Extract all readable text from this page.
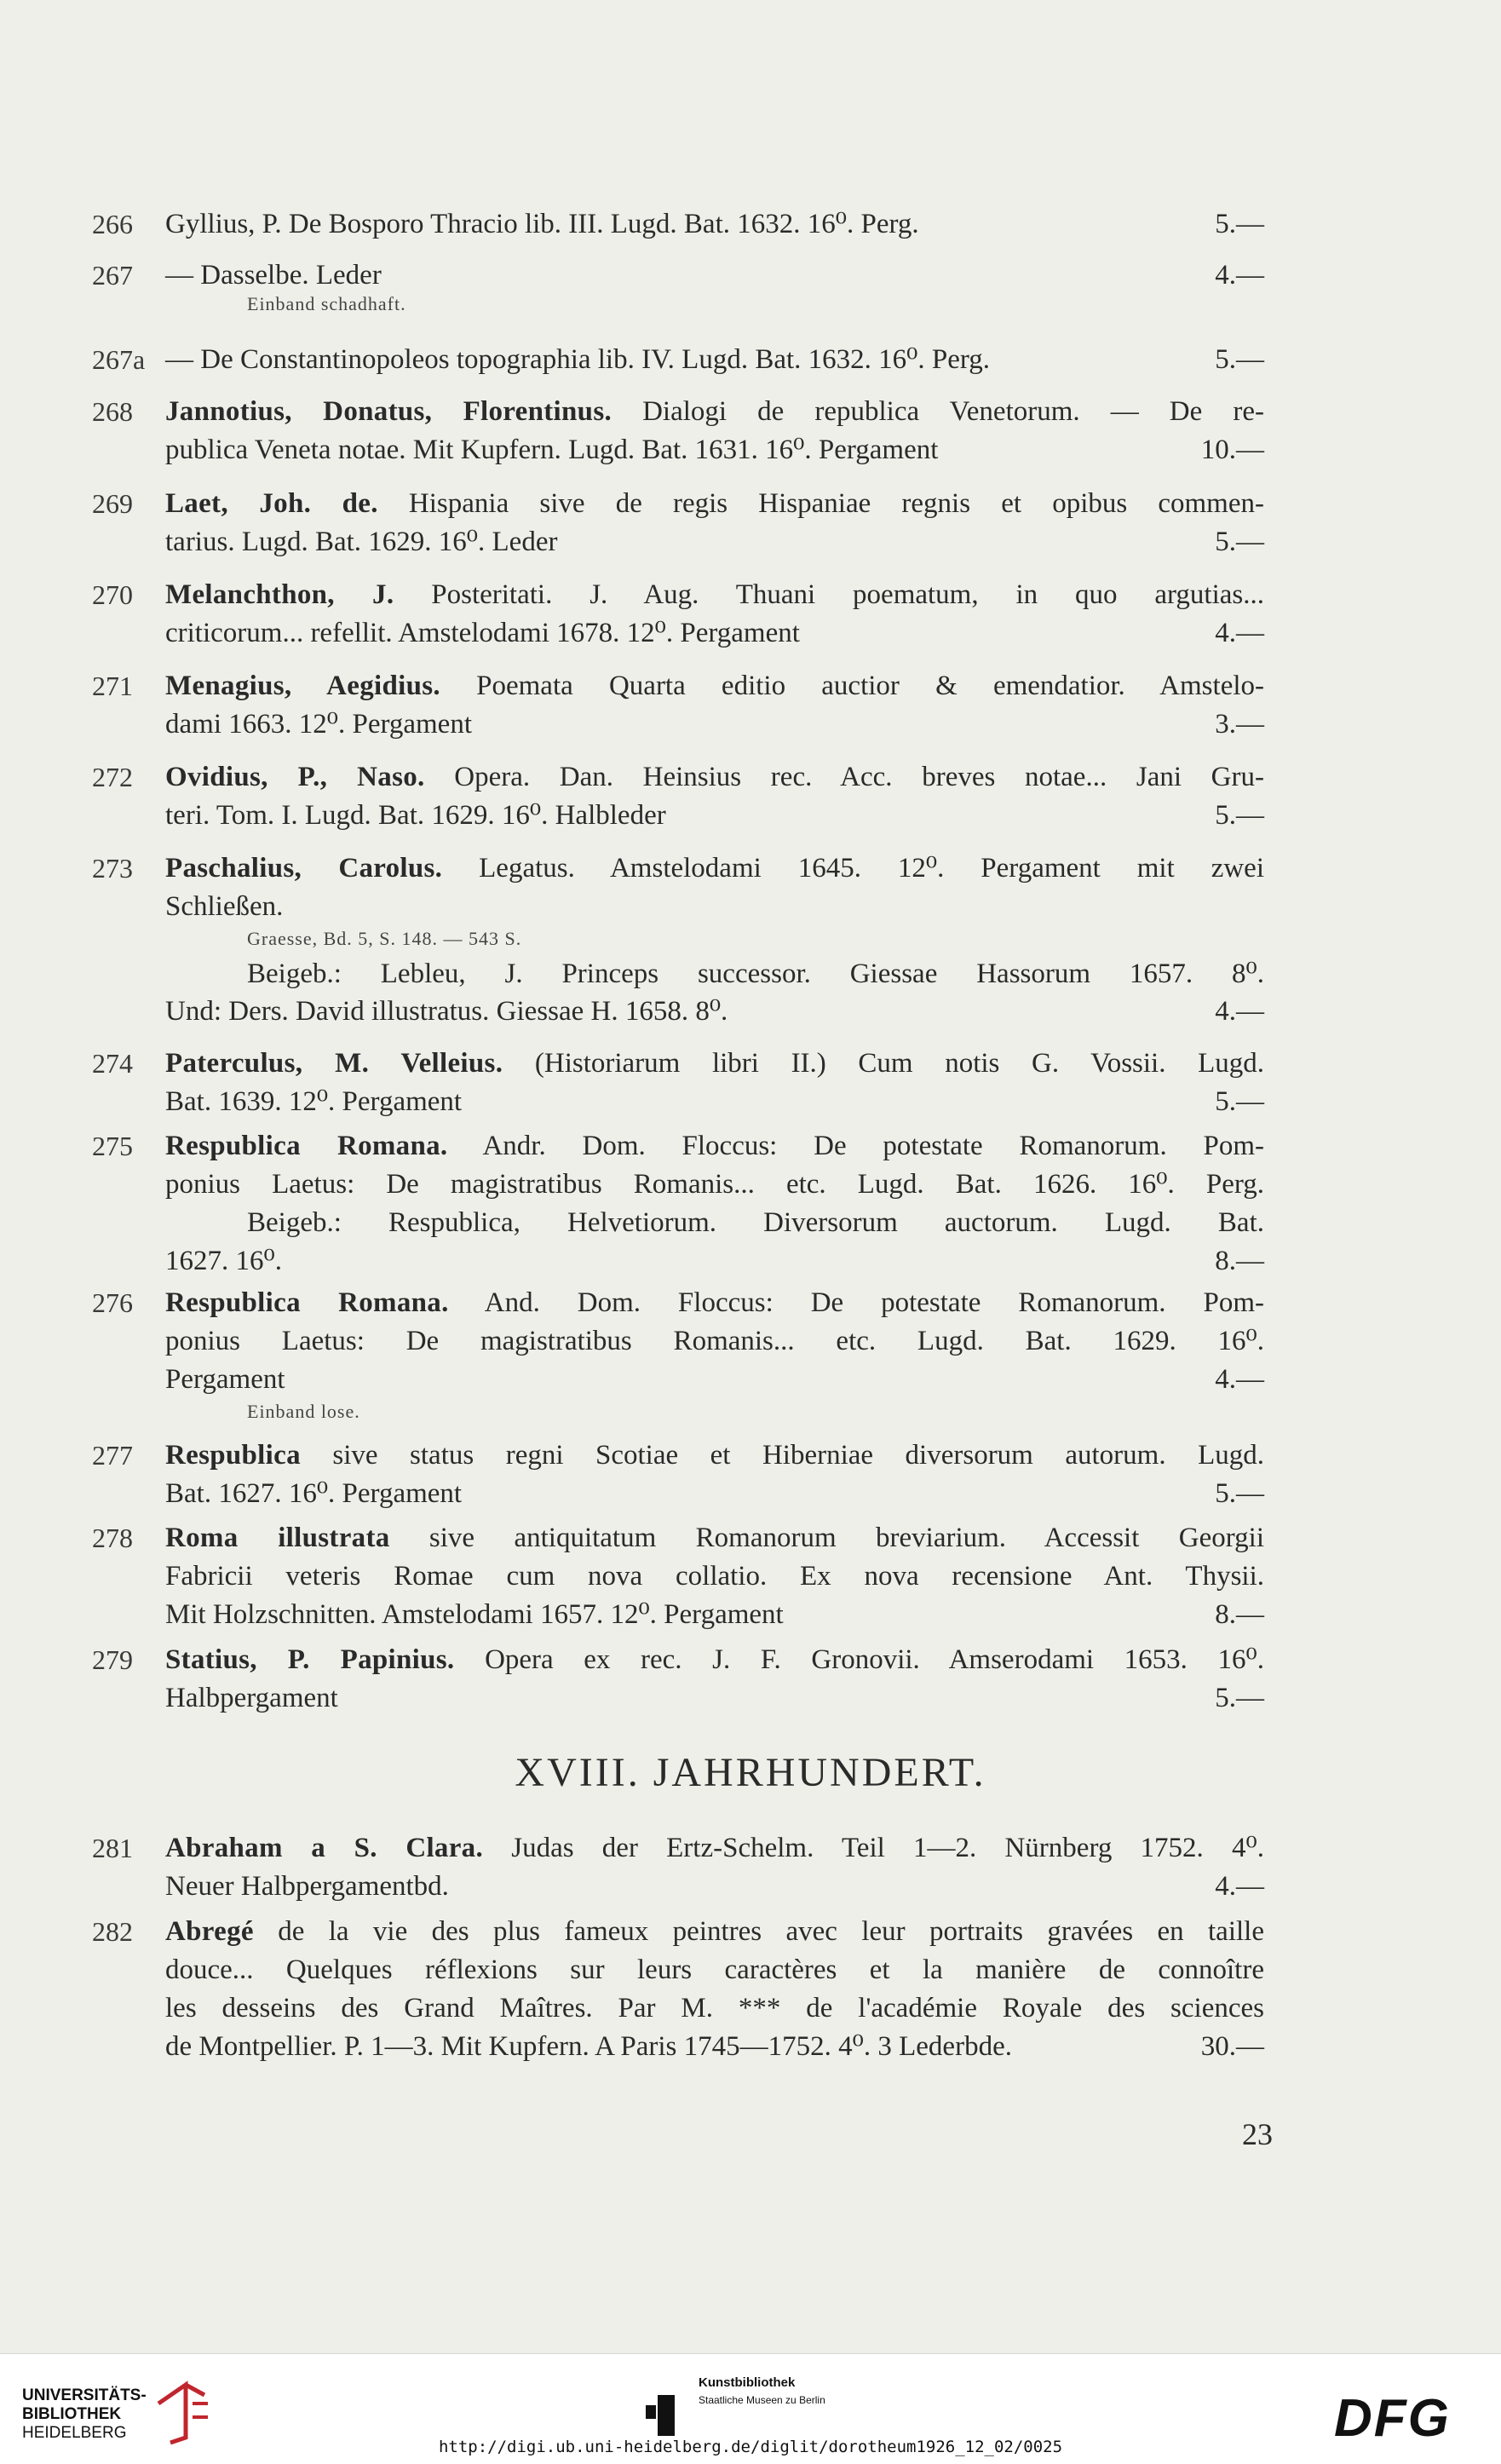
266	Gyllius, P. De Bosporo Thracio lib. III. Lugd. Bat. 1632. 16⁰. Perg.	5.—
267	— Dasselbe. Leder	4.—
Einband schadhaft.
267a — De Constantinopoleos topographia lib. IV. Lugd. Bat. 1632. 16⁰. Perg.	5.—
268	Jannotius, Donatus, Florentinus. Dialogi de republica Venetorum. — De re-
publica Veneta notae. Mit Kupfern. Lugd. Bat. 1631. 16⁰. Pergament	10.—
269	Laet, Joh. de. Hispania sive de regis Hispaniae regnis et opibus commen-
tarius. Lugd. Bat. 1629. 16⁰. Leder	5.—
270	Melanchthon, J. Posteritati. J. Aug. Thuani poematum, in quo argutias...
criticorum... refellit. Amstelodami 1678. 12⁰. Pergament	4.—
271	Menagius, Aegidius. Poemata Quarta editio auctior & emendatior. Amstelo-
dami 1663. 12⁰. Pergament	3.—
272	Ovidius, P., Naso. Opera. Dan. Heinsius rec. Acc. breves notae... Jani Gru-
teri. Tom. I. Lugd. Bat. 1629. 16⁰. Halbleder	5.—
273	Paschalius, Carolus. Legatus. Amstelodami 1645. 12⁰. Pergament mit zwei
Schließen.
Graesse, Bd. 5, S. 148. — 543 S.
Beigeb.: Lebleu, J. Princeps successor. Giessae Hassorum 1657. 8⁰.
Und: Ders. David illustratus. Giessae H. 1658. 8⁰.	4.—
274	Paterculus, M. Velleius. (Historiarum libri II.) Cum notis G. Vossii. Lugd.
Bat. 1639. 12⁰. Pergament	5.—
275	Respublica Romana. Andr. Dom. Floccus: De potestate Romanorum. Pom-
ponius Laetus: De magistratibus Romanis... etc. Lugd. Bat. 1626. 16⁰. Perg.
Beigeb.: Respublica, Helvetiorum. Diversorum auctorum. Lugd. Bat.
1627. 16⁰.	8.—
276	Respublica Romana. And. Dom. Floccus: De potestate Romanorum. Pom-
ponius Laetus: De magistratibus Romanis... etc. Lugd. Bat. 1629. 16⁰.
Pergament	4.—
Einband lose.
277	Respublica sive status regni Scotiae et Hiberniae diversorum autorum. Lugd.
Bat. 1627. 16⁰. Pergament	5.—
278	Roma illustrata sive antiquitatum Romanorum breviarium. Accessit Georgii
Fabricii veteris Romae cum nova collatio. Ex nova recensione Ant. Thysii.
Mit Holzschnitten. Amstelodami 1657. 12⁰. Pergament	8.—
279	Statius, P. Papinius. Opera ex rec. J. F. Gronovii. Amserodami 1653. 16⁰.
Halbpergament	5.—
XVIII. JAHRHUNDERT.
281	Abraham a S. Clara. Judas der Ertz-Schelm. Teil 1—2. Nürnberg 1752. 4⁰.
Neuer Halbpergamentbd.	4.—
282	Abregé de la vie des plus fameux peintres avec leur portraits gravées en taille
douce... Quelques réflexions sur leurs caractères et la manière de connoître
les desseins des Grand Maîtres. Par M. *** de l'académie Royale des sciences
de Montpellier. P. 1—3. Mit Kupfern. A Paris 1745—1752. 4⁰. 3 Lederbde.	30.—
23
UNIVERSITÄTS-
BIBLIOTHEK
HEIDELBERG
Kunstbibliothek
Staatliche Museen zu Berlin	DFG
http://digi.ub.uni-heidelberg.de/diglit/dorotheum1926_12_02/0025
